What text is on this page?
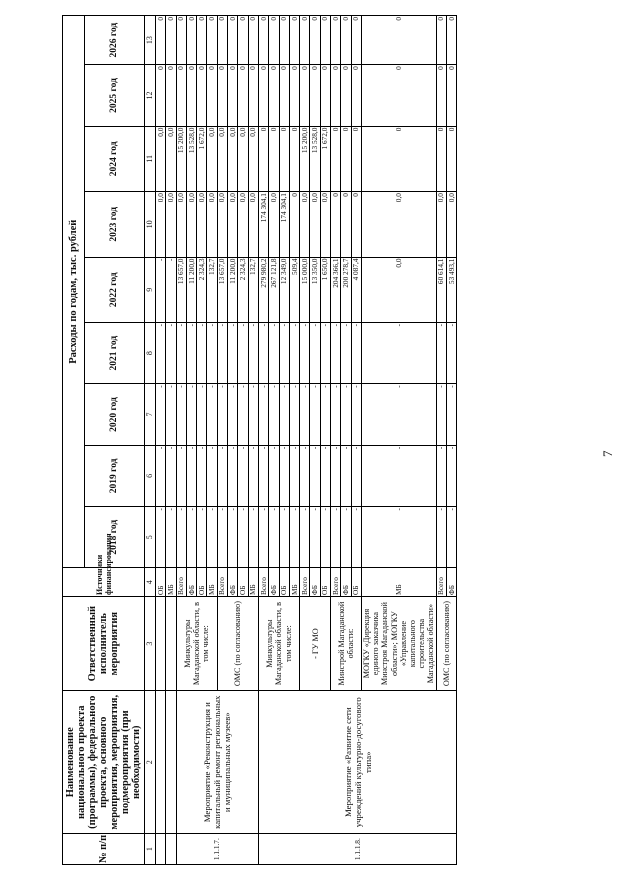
7
№ п/п	Наименование национального проекта (программы), федерального проекта, основного мероприятия, мероприятия, подмероприятия (при необходимости)	Ответственный исполнитель мероприятия	Источники финансирования	Расходы по годам, тыс. рублей								
				2018 год	2019 год	2020 год	2021 год	2022 год	2023 год	2024 год	2025 год	2026 год
1	2	3	4	5	6	7	8	9	10	11	12	13
			ОБ	-	-	-	-	-	0,0	0,0	0	0
			МБ	-	-	-	-	-	0,0	0,0	0	0
1.1.1.7.	Мероприятие «Реконструкция и капитальный ремонт региональных и муниципальных музеев»	Минкультуры Магаданской области, в том числе:	Всего	-	-	-	-	13 657,0	0,0	15 200,0	0	0
			ФБ	-	-	-	-	11 200,0	0,0	13 528,0	0	0
			ОБ	-	-	-	-	2 324,3	0,0	1 672,0	0	0
			МБ	-	-	-	-	132,7	0,0	0,0	0	0
		ОМС (по согласованию)	Всего	-	-	-	-	13 657,0	0,0	0,0	0	0
			ФБ	-	-	-	-	11 200,0	0,0	0,0	0	0
			ОБ	-	-	-	-	2 324,3	0,0	0,0	0	0
			МБ	-	-	-	-	132,7	0,0	0,0	0	0
1.1.1.8.	Мероприятие «Развитие сети учреждений культурно-досугового типа»	Минкультуры Магаданской области, в том числе:	Всего	-	-	-	-	279 980,2	174 304,1	0	0	0
			ФБ	-	-	-	-	267 121,8	0,0	0	0	0
			ОБ	-	-	-	-	12 349,0	174 304,1	0	0	0
			МБ	-	-	-	-	509,4	0	0	0	0
		- ГУ МО	Всего	-	-	-	-	15 000,0	0,0	15 200,0	0	0
			ФБ	-	-	-	-	13 350,0	0,0	13 528,0	0	0
			ОБ	-	-	-	-	1 650,0	0,0	1 672,0	0	0
		Минстрой Магаданской области:	Всего	-	-	-	-	204 366,1	0	0	0	0
			ФБ	-	-	-	-	200 278,7	0	0	0	0
			ОБ	-	-	-	-	4 087,4	0	0	0	0
		МОГКУ «Дирекция единого заказчика Минстроя Магаданской области»; МОГКУ «Управление капитального строительства Магаданской области»	МБ	-	-	-	-	0,0	0,0	0	0	0
		ОМС (по согласованию)	Всего	-	-	-	-	60 614,1	0,0	0	0	0
			ФБ	-	-	-	-	53 493,1	0,0	0	0	0
